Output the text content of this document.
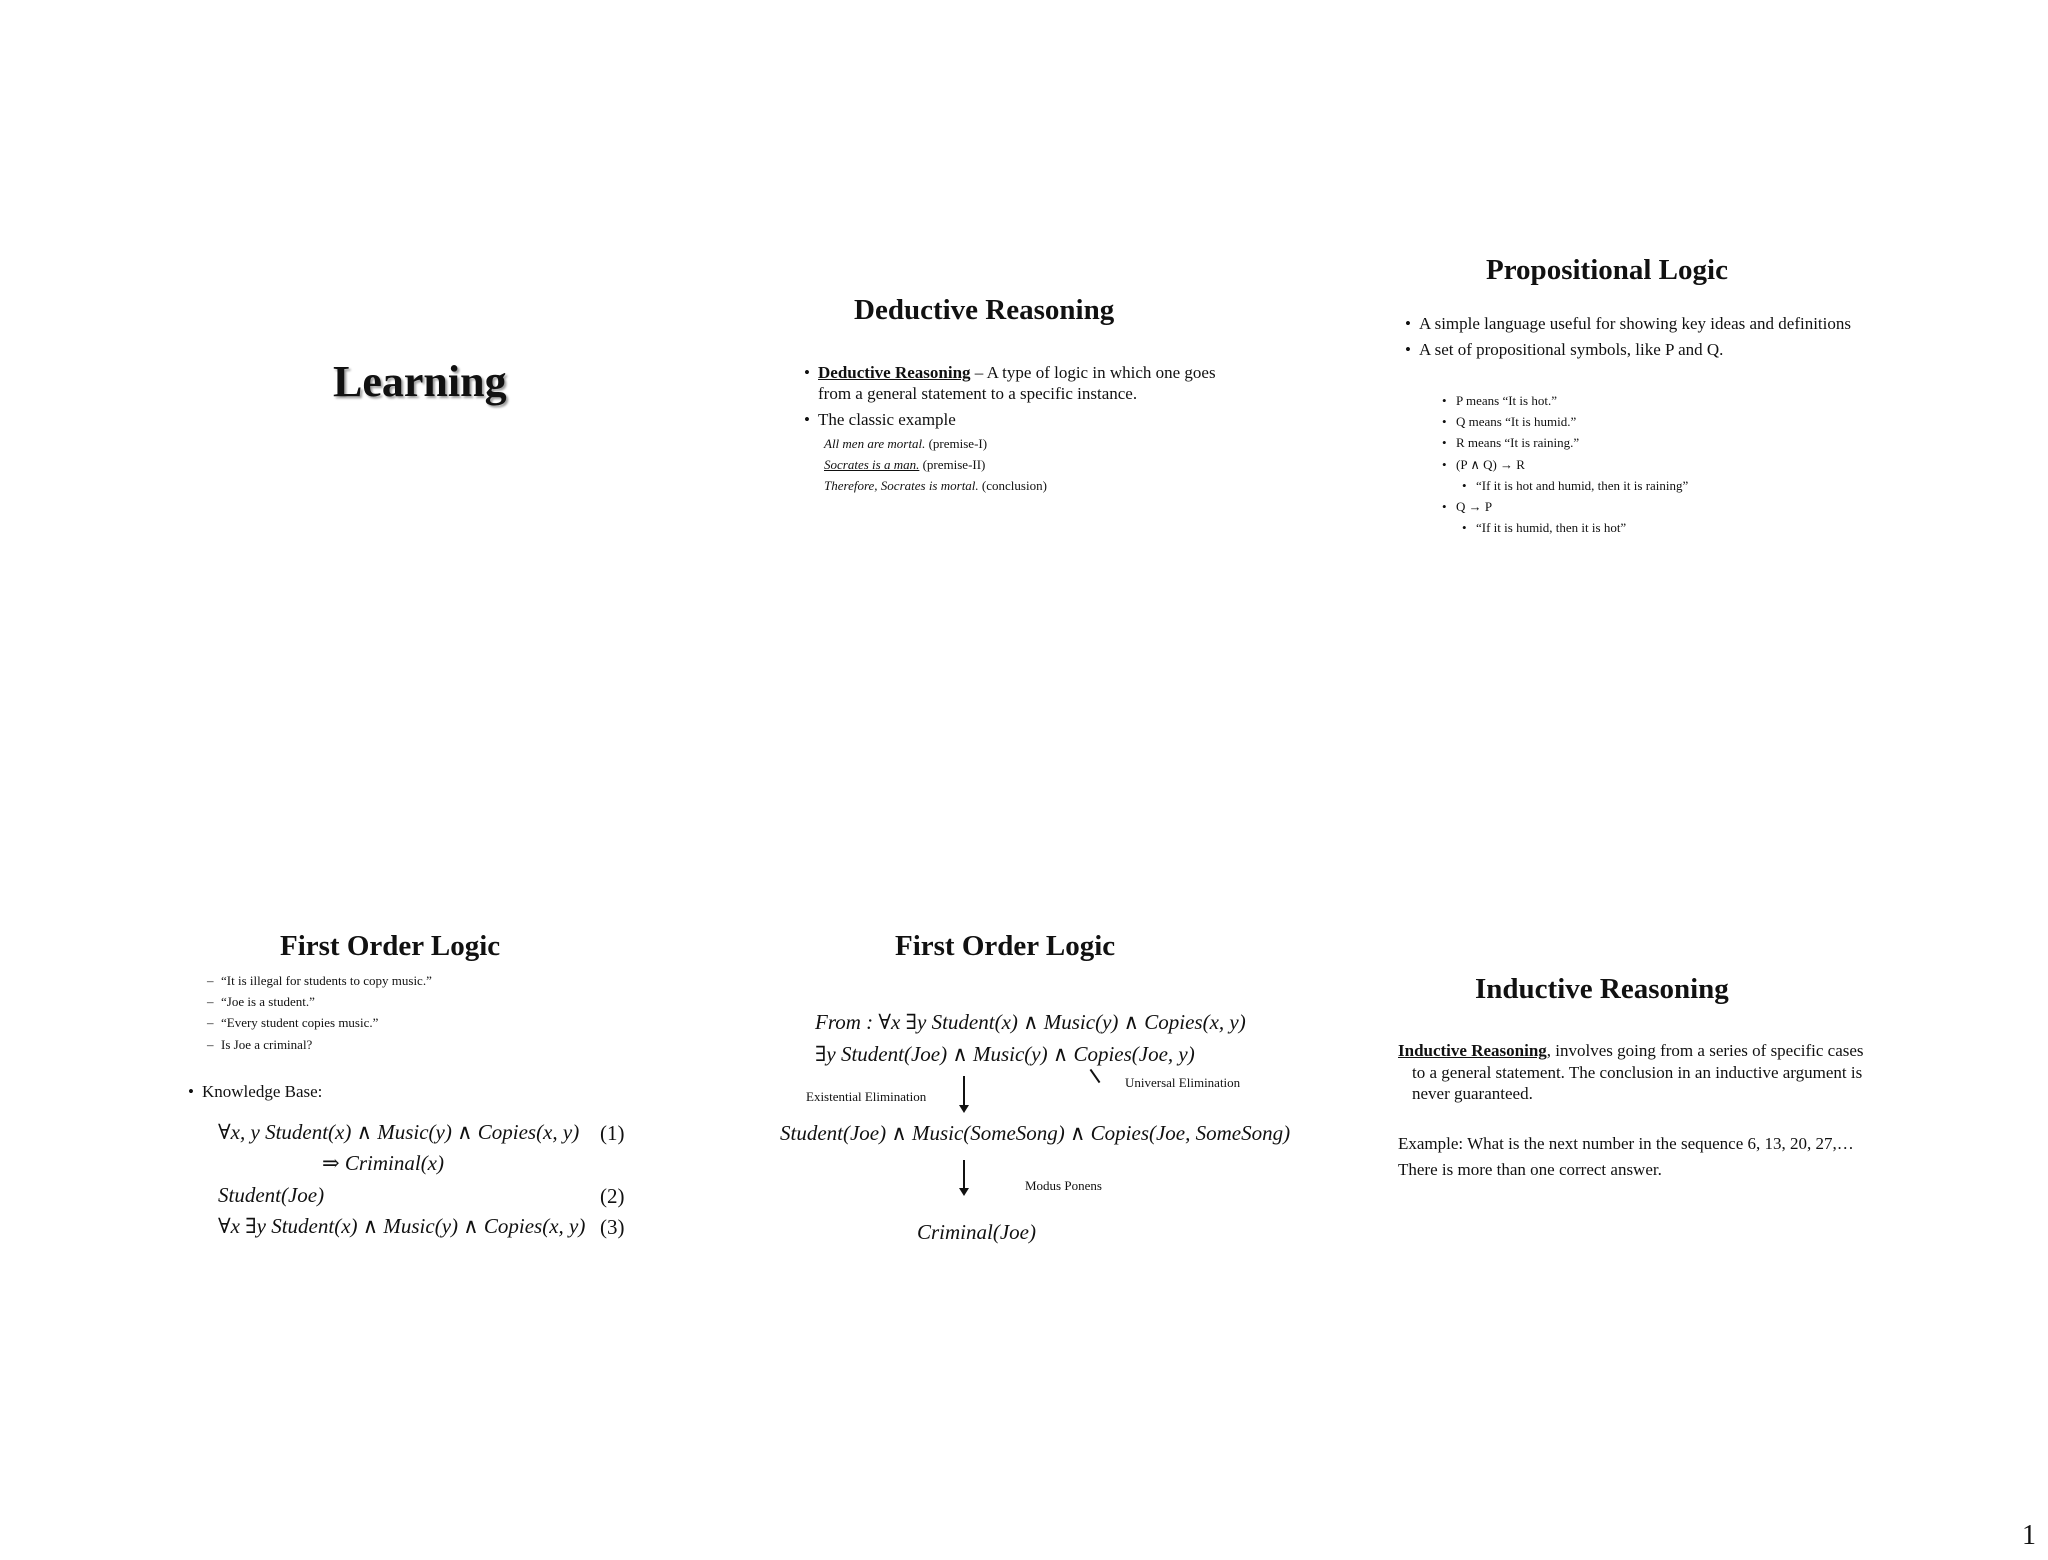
Learning
Deductive Reasoning
• Deductive Reasoning – A type of logic in which one goes
from a general statement to a specific instance.
• The classic example
All men are mortal. (premise-I)
Socrates is a man. (premise-II)
Therefore, Socrates is mortal. (conclusion)
Propositional Logic
• A simple language useful for showing key ideas and definitions
• A set of propositional symbols, like P and Q.
• P means “It is hot.”
• Q means “It is humid.”
• R means “It is raining.”
• (P ∧ Q) → R
• “If it is hot and humid, then it is raining”
• Q → P
• “If it is humid, then it is hot”
First Order Logic
– “It is illegal for students to copy music.”
– “Joe is a student.”
– “Every student copies music.”
– Is Joe a criminal?
• Knowledge Base:
∀x, y Student(x) ∧ Music(y) ∧ Copies(x, y)
⇒ Criminal(x)
Student(Joe)
∀x ∃y Student(x) ∧ Music(y) ∧ Copies(x, y)
(1)
(2)
(3)
First Order Logic
From : ∀x ∃y Student(x) ∧ Music(y) ∧ Copies(x, y)
∃y Student(Joe) ∧ Music(y) ∧ Copies(Joe, y)
Universal Elimination
Existential Elimination
Student(Joe) ∧ Music(SomeSong) ∧ Copies(Joe, SomeSong)
Modus Ponens
Criminal(Joe)
Inductive Reasoning
Inductive Reasoning, involves going from a series of specific cases
to a general statement. The conclusion in an inductive argument is
never guaranteed.
Example: What is the next number in the sequence 6, 13, 20, 27,…
There is more than one correct answer.
1
